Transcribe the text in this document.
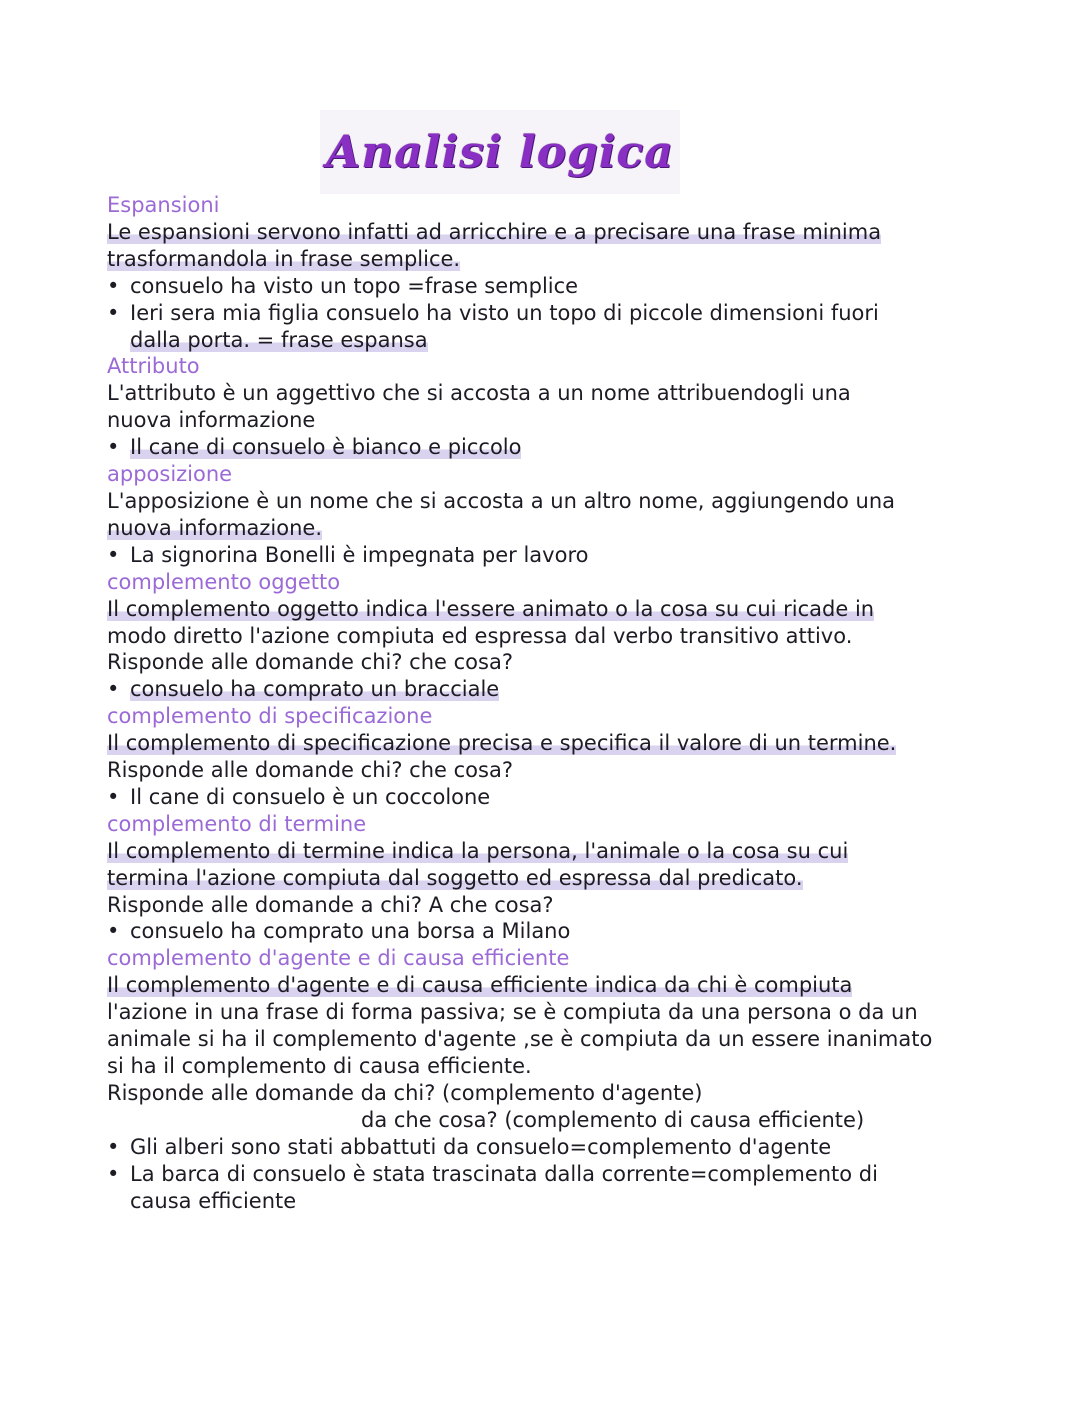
Analisi logica

Espansioni

Le espansioni servono infatti ad arricchire e a precisare una frase minima

trasformandola in frase semplice.

• consuelo ha visto un topo =frase semplice

• Ieri sera mia figlia consuelo ha visto un topo di piccole dimensioni fuori

dalla porta. = frase espansa

Attributo

L'attributo è un aggettivo che si accosta a un nome attribuendogli una

nuova informazione

• Il cane di consuelo è bianco e piccolo

apposizione

L'apposizione è un nome che si accosta a un altro nome, aggiungendo una

nuova informazione.

• La signorina Bonelli è impegnata per lavoro

complemento oggetto

Il complemento oggetto indica l'essere animato o la cosa su cui ricade in

modo diretto l'azione compiuta ed espressa dal verbo transitivo attivo.

Risponde alle domande chi? che cosa?

• consuelo ha comprato un bracciale

complemento di specificazione

Il complemento di specificazione precisa e specifica il valore di un termine.

Risponde alle domande chi? che cosa?

• Il cane di consuelo è un coccolone

complemento di termine

Il complemento di termine indica la persona, l'animale o la cosa su cui

termina l'azione compiuta dal soggetto ed espressa dal predicato.

Risponde alle domande a chi? A che cosa?

• consuelo ha comprato una borsa a Milano

complemento d'agente e di causa efficiente

Il complemento d'agente e di causa efficiente indica da chi è compiuta

l'azione in una frase di forma passiva; se è compiuta da una persona o da un

animale si ha il complemento d'agente ,se è compiuta da un essere inanimato

si ha il complemento di causa efficiente.

Risponde alle domande da chi? (complemento d'agente)

da che cosa? (complemento di causa efficiente)

• Gli alberi sono stati abbattuti da consuelo=complemento d'agente

• La barca di consuelo è stata trascinata dalla corrente=complemento di

causa efficiente
